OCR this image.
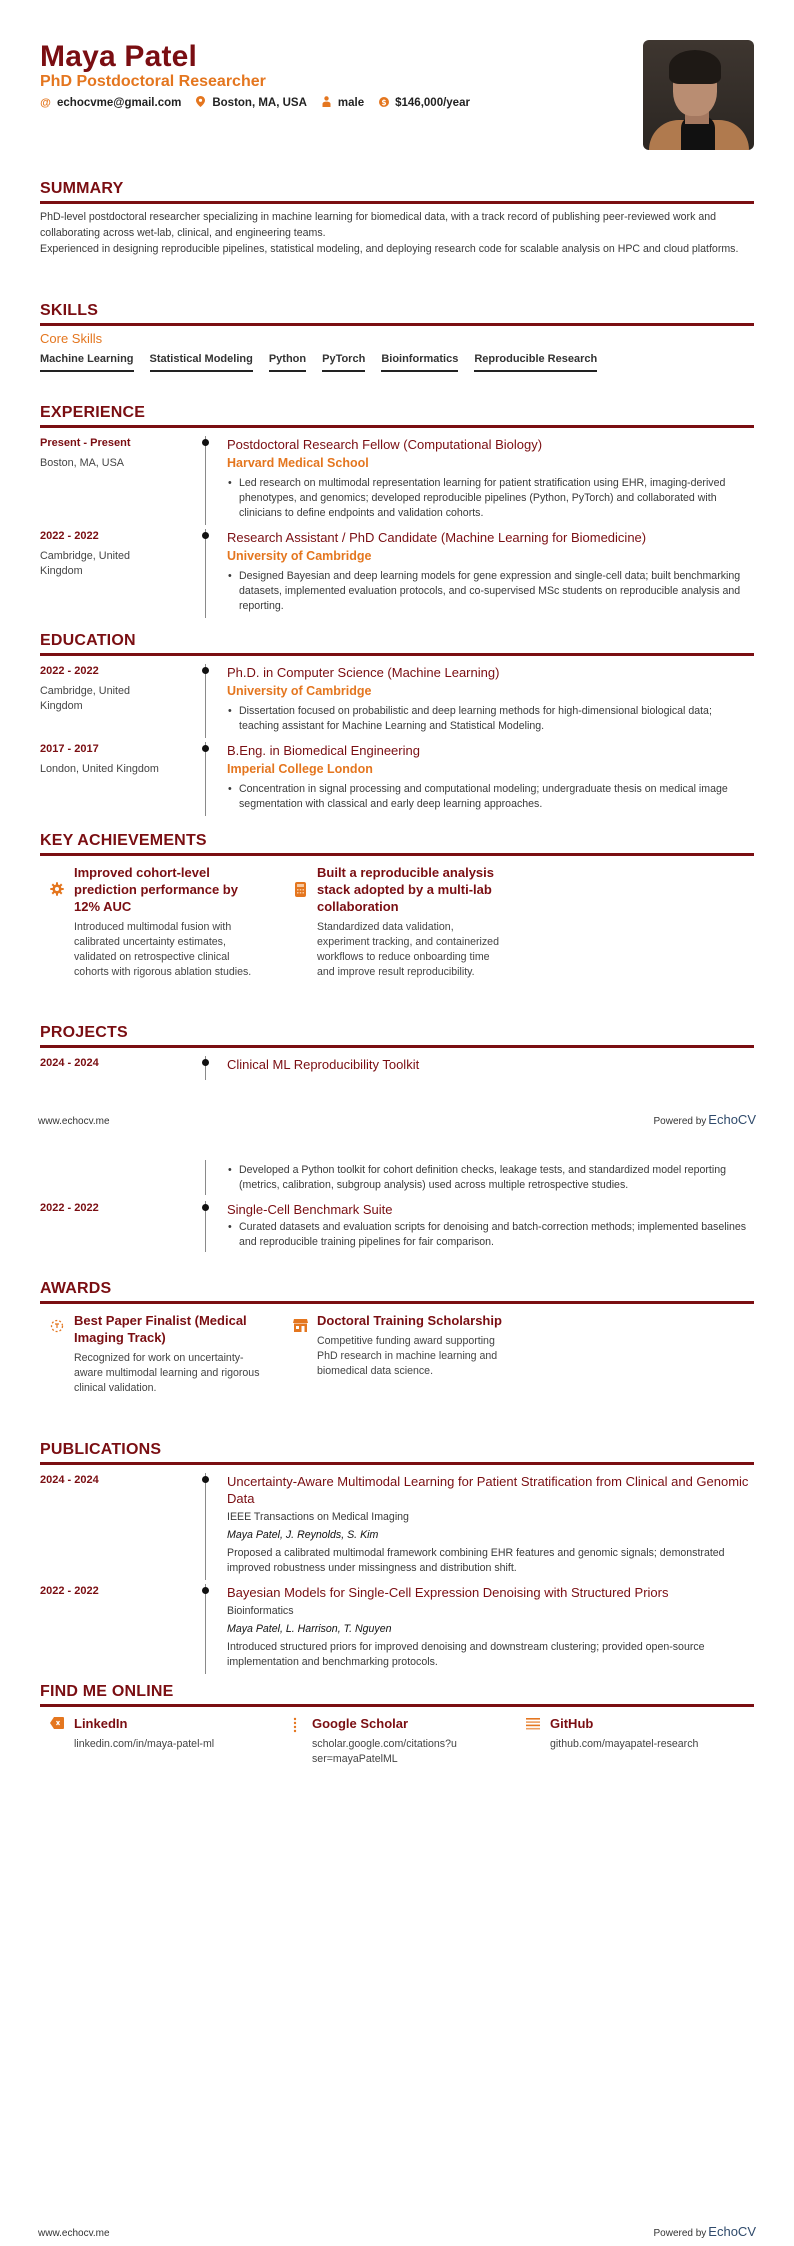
Maya Patel
PhD Postdoctoral Researcher
@ echocvme@gmail.com	Boston, MA, USA	male $ $146,000/year
SUMMARY
PhD-level postdoctoral researcher specializing in machine learning for biomedical data, with a track record of publishing peer-reviewed work and collaborating across wet-lab, clinical, and engineering teams.
Experienced in designing reproducible pipelines, statistical modeling, and deploying research code for scalable analysis on HPC and cloud platforms.
SKILLS
Core Skills
Machine Learning Statistical Modeling Python PyTorch Bioinformatics Reproducible Research
EXPERIENCE
Present - Present
Boston, MA, USA
Postdoctoral Research Fellow (Computational Biology)
Harvard Medical School
• Led research on multimodal representation learning for patient stratification using EHR, imaging-derived phenotypes, and genomics; developed reproducible pipelines (Python, PyTorch) and collaborated with clinicians to define endpoints and validation cohorts.
2022 - 2022
Cambridge, United Kingdom
Research Assistant / PhD Candidate (Machine Learning for Biomedicine)
University of Cambridge
• Designed Bayesian and deep learning models for gene expression and single-cell data; built benchmarking datasets, implemented evaluation protocols, and co-supervised MSc students on reproducible analysis and reporting.
EDUCATION
2022 - 2022
Cambridge, United Kingdom
Ph.D. in Computer Science (Machine Learning)
University of Cambridge
• Dissertation focused on probabilistic and deep learning methods for high-dimensional biological data; teaching assistant for Machine Learning and Statistical Modeling.
2017 - 2017
London, United Kingdom
B.Eng. in Biomedical Engineering
Imperial College London
• Concentration in signal processing and computational modeling; undergraduate thesis on medical image segmentation with classical and early deep learning approaches.
KEY ACHIEVEMENTS
Improved cohort-level prediction performance by 12% AUC
Introduced multimodal fusion with calibrated uncertainty estimates, validated on retrospective clinical cohorts with rigorous ablation studies.
Built a reproducible analysis stack adopted by a multi-lab collaboration
Standardized data validation, experiment tracking, and containerized workflows to reduce onboarding time and improve result reproducibility.
PROJECTS
2024 - 2024	Clinical ML Reproducibility Toolkit
www.echocv.me	Powered by EchoCV
• Developed a Python toolkit for cohort definition checks, leakage tests, and standardized model reporting (metrics, calibration, subgroup analysis) used across multiple retrospective studies.
2022 - 2022	Single-Cell Benchmark Suite
• Curated datasets and evaluation scripts for denoising and batch-correction methods; implemented baselines and reproducible training pipelines for fair comparison.
AWARDS
Best Paper Finalist (Medical Imaging Track)
Recognized for work on uncertainty-aware multimodal learning and rigorous clinical validation.
Doctoral Training Scholarship
Competitive funding award supporting PhD research in machine learning and biomedical data science.
PUBLICATIONS
2024 - 2024	Uncertainty-Aware Multimodal Learning for Patient Stratification from Clinical and Genomic Data
IEEE Transactions on Medical Imaging
Maya Patel, J. Reynolds, S. Kim
Proposed a calibrated multimodal framework combining EHR features and genomic signals; demonstrated improved robustness under missingness and distribution shift.
2022 - 2022	Bayesian Models for Single-Cell Expression Denoising with Structured Priors
Bioinformatics
Maya Patel, L. Harrison, T. Nguyen
Introduced structured priors for improved denoising and downstream clustering; provided open-source implementation and benchmarking protocols.
FIND ME ONLINE
LinkedIn
linkedin.com/in/maya-patel-ml
Google Scholar
scholar.google.com/citations?user=mayaPatelML
GitHub
github.com/mayapatel-research
www.echocv.me	Powered by EchoCV
